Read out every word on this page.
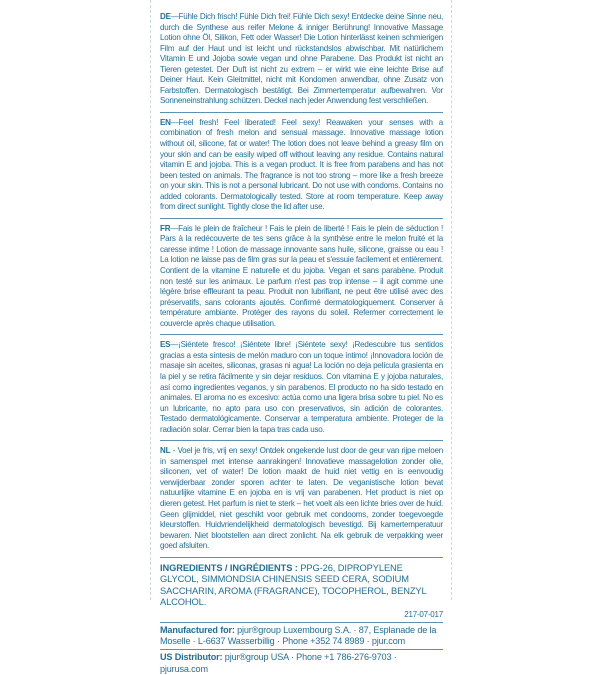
DE—Fühle Dich frisch! Fühle Dich frei! Fühle Dich sexy! Entdecke deine Sinne neu, durch die Synthese aus reifer Melone & inniger Berührung! Innovative Massage Lotion ohne Öl, Silikon, Fett oder Wasser! Die Lotion hinterlässt keinen schmierigen Film auf der Haut und ist leicht und rückstandslos abwischbar. Mit natürlichem Vitamin E und Jojoba sowie vegan und ohne Parabene. Das Produkt ist nicht an Tieren getestet. Der Duft ist nicht zu extrem – er wirkt wie eine leichte Brise auf Deiner Haut. Kein Gleitmittel, nicht mit Kondomen anwendbar, ohne Zusatz von Farbstoffen. Dermatologisch bestätigt. Bei Zimmertemperatur aufbewahren. Vor Sonneneinstrahlung schützen. Deckel nach jeder Anwendung fest verschließen.

EN—Feel fresh! Feel liberated! Feel sexy! Reawaken your senses with a combination of fresh melon and sensual massage. Innovative massage lotion without oil, silicone, fat or water! The lotion does not leave behind a greasy film on your skin and can be easily wiped off without leaving any residue. Contains natural vitamin E and jojoba. This is a vegan product. It is free from parabens and has not been tested on animals. The fragrance is not too strong – more like a fresh breeze on your skin. This is not a personal lubricant. Do not use with condoms. Contains no added colorants. Dermatologically tested. Store at room temperature. Keep away from direct sunlight. Tightly close the lid after use.

FR—Fais le plein de fraîcheur ! Fais le plein de liberté ! Fais le plein de séduction ! Pars à la redécouverte de tes sens grâce à la synthèse entre le melon fruité et la caresse intime ! Lotion de massage innovante sans huile, silicone, graisse ou eau ! La lotion ne laisse pas de film gras sur la peau et s'essuie facilement et entièrement. Contient de la vitamine E naturelle et du jojoba. Vegan et sans parabène. Produit non testé sur les animaux. Le parfum n'est pas trop intense – il agit comme une légère brise effleurant ta peau. Produit non lubrifiant, ne peut être utilisé avec des préservatifs, sans colorants ajoutés. Confirmé dermatologiquement. Conserver à température ambiante. Protéger des rayons du soleil. Refermer correctement le couvercle après chaque utilisation.

ES—¡Siéntete fresco! ¡Siéntete libre! ¡Siéntete sexy! ¡Redescubre tus sentidos gracias a esta síntesis de melón maduro con un toque íntimo! ¡Innovadora loción de masaje sin aceites, siliconas, grasas ni agua! La loción no deja película grasienta en la piel y se retira fácilmente y sin dejar residuos. Con vitamina E y jojoba naturales, así como ingredientes veganos, y sin parabenos. El producto no ha sido testado en animales. El aroma no es excesivo: actúa como una ligera brisa sobre tu piel. No es un lubricante, no apto para uso con preservativos, sin adición de colorantes. Testado dermatológicamente. Conservar a temperatura ambiente. Proteger de la radiación solar. Cerrar bien la tapa tras cada uso.

NL - Voel je fris, vrij en sexy! Ontdek ongekende lust door de geur van rijpe meloen in samenspel met intense aanrakingen! Innovatieve massagelotion zonder olie, siliconen, vet of water! De lotion maakt de huid niet vettig en is eenvoudig verwijderbaar zonder sporen achter te laten. De veganistische lotion bevat natuurlijke vitamine E en jojoba en is vrij van parabenen. Het product is niet op dieren getest. Het parfum is niet te sterk – het voelt als een lichte bries over de huid. Geen glijmiddel, niet geschikt voor gebruik met condooms, zonder toegevoegde kleurstoffen. Huidvriendelijkheid dermatologisch bevestigd. Bij kamertemperatuur bewaren. Niet blootstellen aan direct zonlicht. Na elk gebruik de verpakking weer goed afsluiten.

INGREDIENTS / INGRÉDIENTS : PPG-26, DIPROPYLENE GLYCOL, SIMMONDSIA CHINENSIS SEED CERA, SODIUM SACCHARIN, AROMA (FRAGRANCE), TOCOPHEROL, BENZYL ALCOHOL.
217-07-017
Manufactured for: pjur®group Luxembourg S.A. · 87, Esplanade de la Moselle · L-6637 Wasserbillig · Phone +352 74 8989 · pjur.com
US Distributor: pjur®group USA · Phone +1 786-276-9703 · pjurusa.com
